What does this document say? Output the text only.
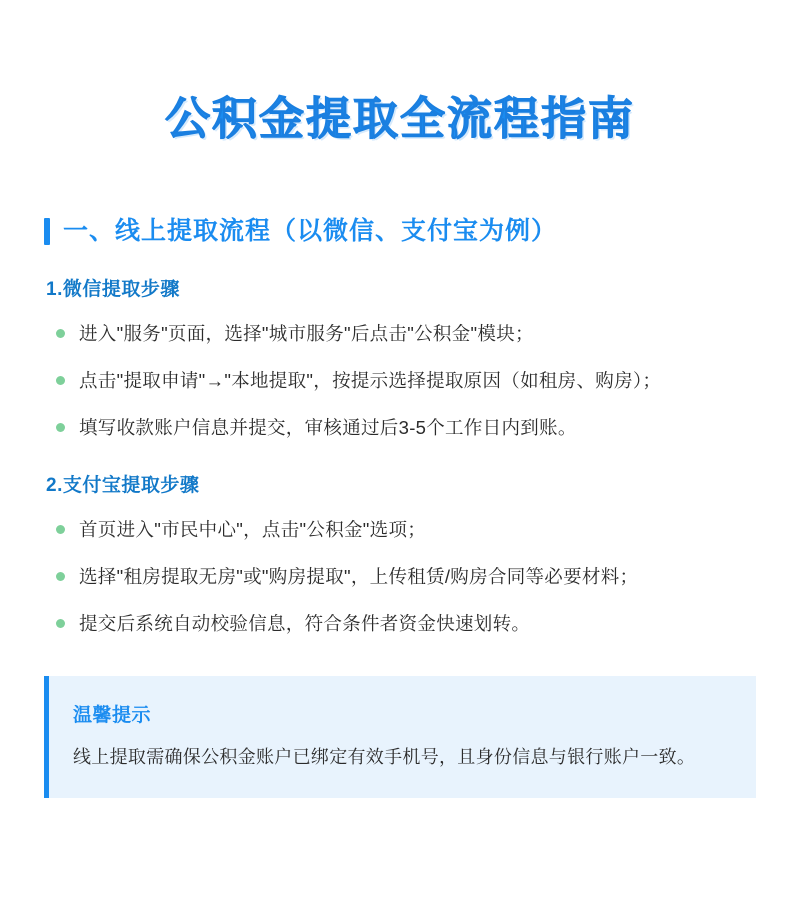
公积金提取全流程指南
一、线上提取流程（以微信、支付宝为例）
1.微信提取步骤
进入"服务"页面，选择"城市服务"后点击"公积金"模块；
点击"提取申请"→"本地提取"，按提示选择提取原因（如租房、购房）；
填写收款账户信息并提交，审核通过后3-5个工作日内到账。
2.支付宝提取步骤
首页进入"市民中心"，点击"公积金"选项；
选择"租房提取无房"或"购房提取"，上传租赁/购房合同等必要材料；
提交后系统自动校验信息，符合条件者资金快速划转。
温馨提示
线上提取需确保公积金账户已绑定有效手机号，且身份信息与银行账户一致。
